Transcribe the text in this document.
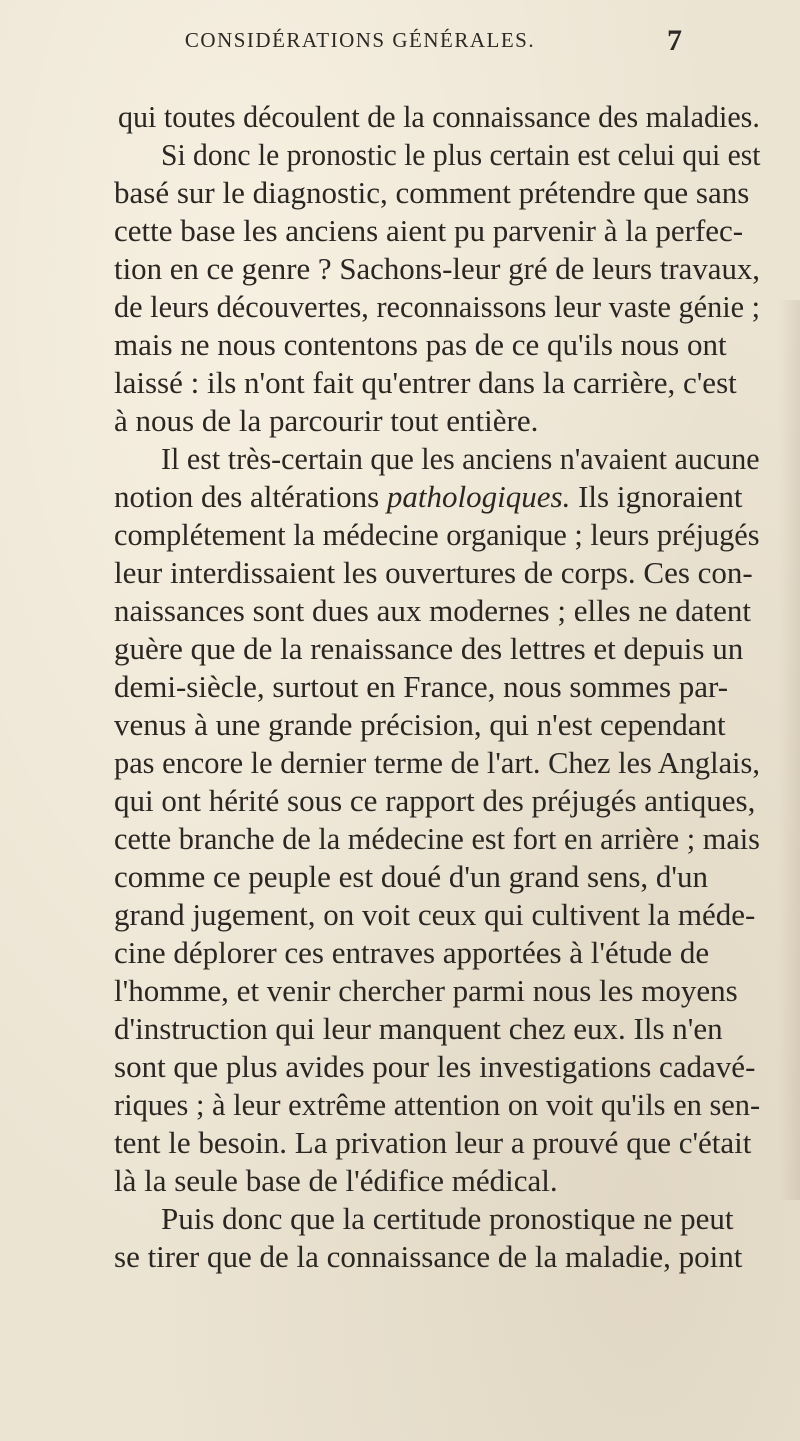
CONSIDÉRATIONS GÉNÉRALES.	7
qui toutes découlent de la connaissance des maladies.
Si donc le pronostic le plus certain est celui qui est
basé sur le diagnostic, comment prétendre que sans
cette base les anciens aient pu parvenir à la perfec-
tion en ce genre ? Sachons-leur gré de leurs travaux,
de leurs découvertes, reconnaissons leur vaste génie ;
mais ne nous contentons pas de ce qu'ils nous ont
laissé : ils n'ont fait qu'entrer dans la carrière, c'est
à nous de la parcourir tout entière.
Il est très-certain que les anciens n'avaient aucune
notion des altérations pathologiques. Ils ignoraient
complétement la médecine organique ; leurs préjugés
leur interdissaient les ouvertures de corps. Ces con-
naissances sont dues aux modernes ; elles ne datent
guère que de la renaissance des lettres et depuis un
demi-siècle, surtout en France, nous sommes par-
venus à une grande précision, qui n'est cependant
pas encore le dernier terme de l'art. Chez les Anglais,
qui ont hérité sous ce rapport des préjugés antiques,
cette branche de la médecine est fort en arrière ; mais
comme ce peuple est doué d'un grand sens, d'un
grand jugement, on voit ceux qui cultivent la méde-
cine déplorer ces entraves apportées à l'étude de
l'homme, et venir chercher parmi nous les moyens
d'instruction qui leur manquent chez eux. Ils n'en
sont que plus avides pour les investigations cadavé-
riques ; à leur extrême attention on voit qu'ils en sen-
tent le besoin. La privation leur a prouvé que c'était
là la seule base de l'édifice médical.
Puis donc que la certitude pronostique ne peut
se tirer que de la connaissance de la maladie, point
